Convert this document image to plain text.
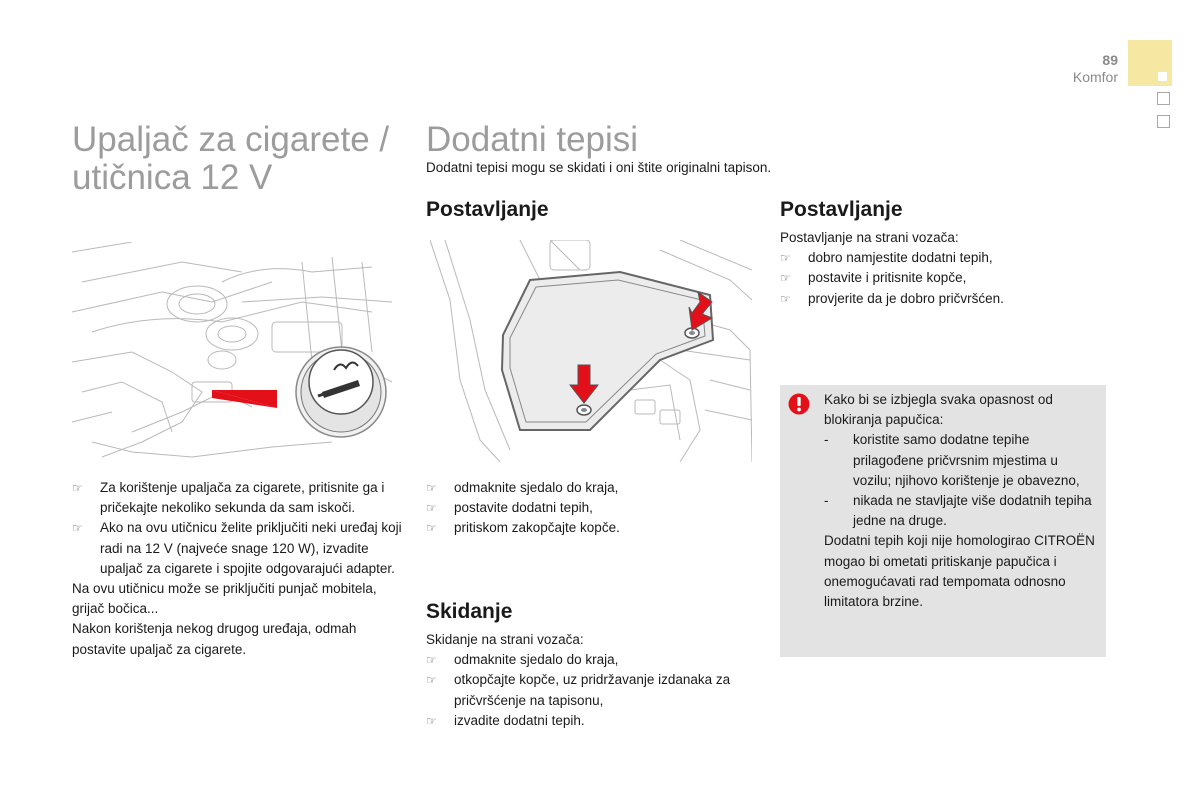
89
Komfor
Upaljač za cigarete /
utičnica 12 V
☞ Za korištenje upaljača za cigarete, pritisnite ga i pričekajte nekoliko sekunda da sam iskoči.
☞ Ako na ovu utičnicu želite priključiti neki uređaj koji radi na 12 V (najveće snage 120 W), izvadite upaljač za cigarete i spojite odgovarajući adapter.

Na ovu utičnicu može se priključiti punjač mobitela, grijač bočica...

Nakon korištenja nekog drugog uređaja, odmah postavite upaljač za cigarete.

Dodatni tepisi
Dodatni tepisi mogu se skidati i oni štite originalni tapison.
Postavljanje
☞ odmaknite sjedalo do kraja,
☞ postavite dodatni tepih,
☞ pritiskom zakopčajte kopče.
Skidanje

Skidanje na strani vozača:

☞ odmaknite sjedalo do kraja,
☞ otkopčajte kopče, uz pridržavanje izdanaka za pričvršćenje na tapisonu,
☞ izvadite dodatni tepih.
Postavljanje

Postavljanje na strani vozača:

☞ dobro namjestite dodatni tepih,
☞ postavite i pritisnite kopče,
☞ provjerite da je dobro pričvršćen.

Kako bi se izbjegla svaka opasnost od blokiranja papučica:

- koristite samo dodatne tepihe prilagođene pričvrsnim mjestima u vozilu; njihovo korištenje je obavezno,
- nikada ne stavljajte više dodatnih tepiha jedne na druge.

Dodatni tepih koji nije homologirao CITROËN mogao bi ometati pritiskanje papučica i onemogućavati rad tempomata odnosno limitatora brzine.
